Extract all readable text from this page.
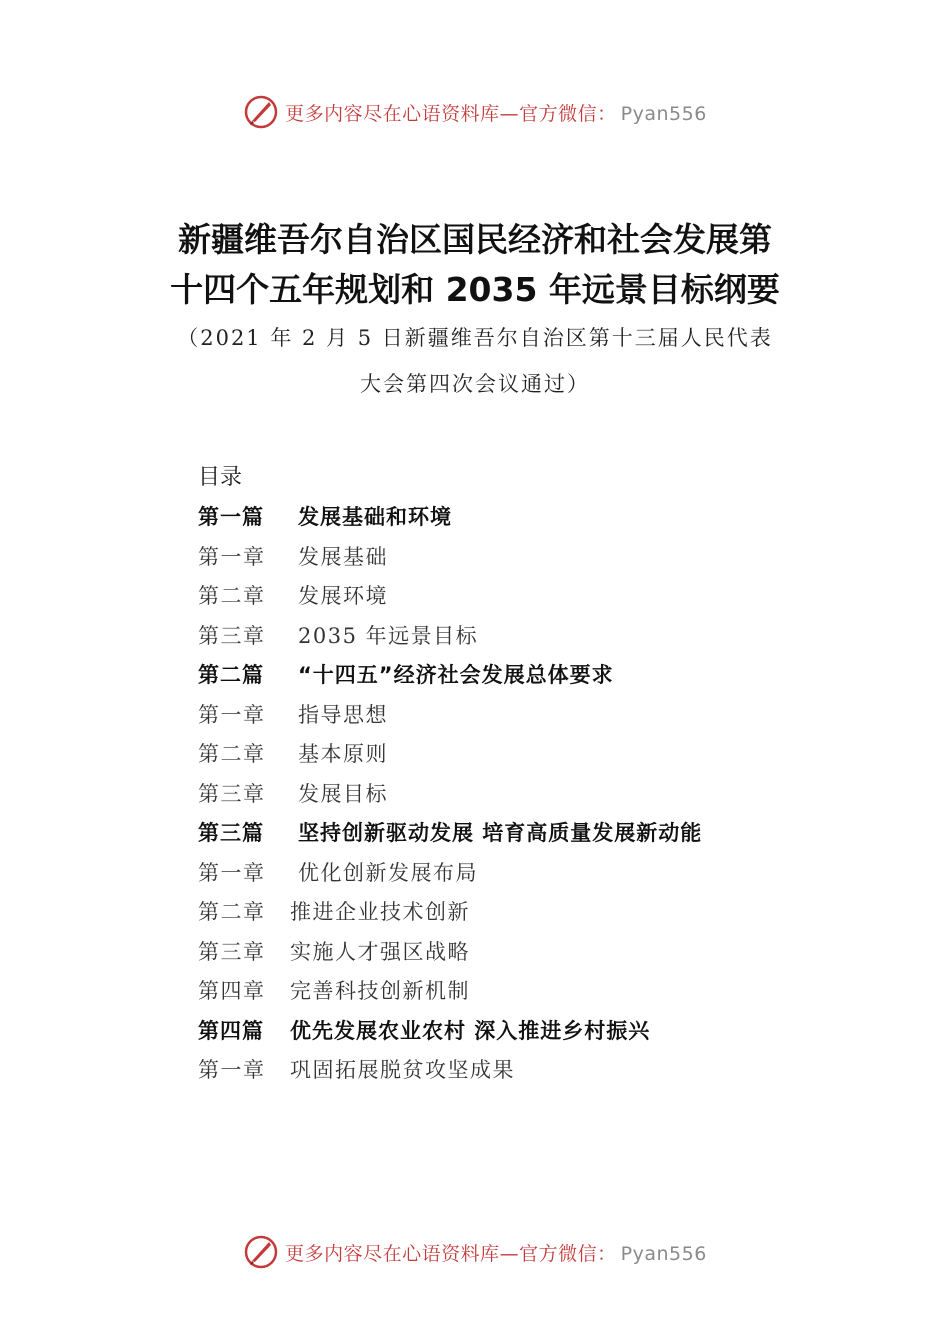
更多内容尽在心语资料库—官方微信： Pyan556
新疆维吾尔自治区国民经济和社会发展第
十四个五年规划和 2035 年远景目标纲要
（2021 年 2 月 5 日新疆维吾尔自治区第十三届人民代表
大会第四次会议通过）
目录
第一篇 发展基础和环境
第一章 发展基础
第二章 发展环境
第三章 2035 年远景目标
第二篇 “十四五”经济社会发展总体要求
第一章 指导思想
第二章 基本原则
第三章 发展目标
第三篇 坚持创新驱动发展 培育高质量发展新动能
第一章 优化创新发展布局
第二章 推进企业技术创新
第三章 实施人才强区战略
第四章 完善科技创新机制
第四篇 优先发展农业农村 深入推进乡村振兴
第一章 巩固拓展脱贫攻坚成果
更多内容尽在心语资料库—官方微信： Pyan556
